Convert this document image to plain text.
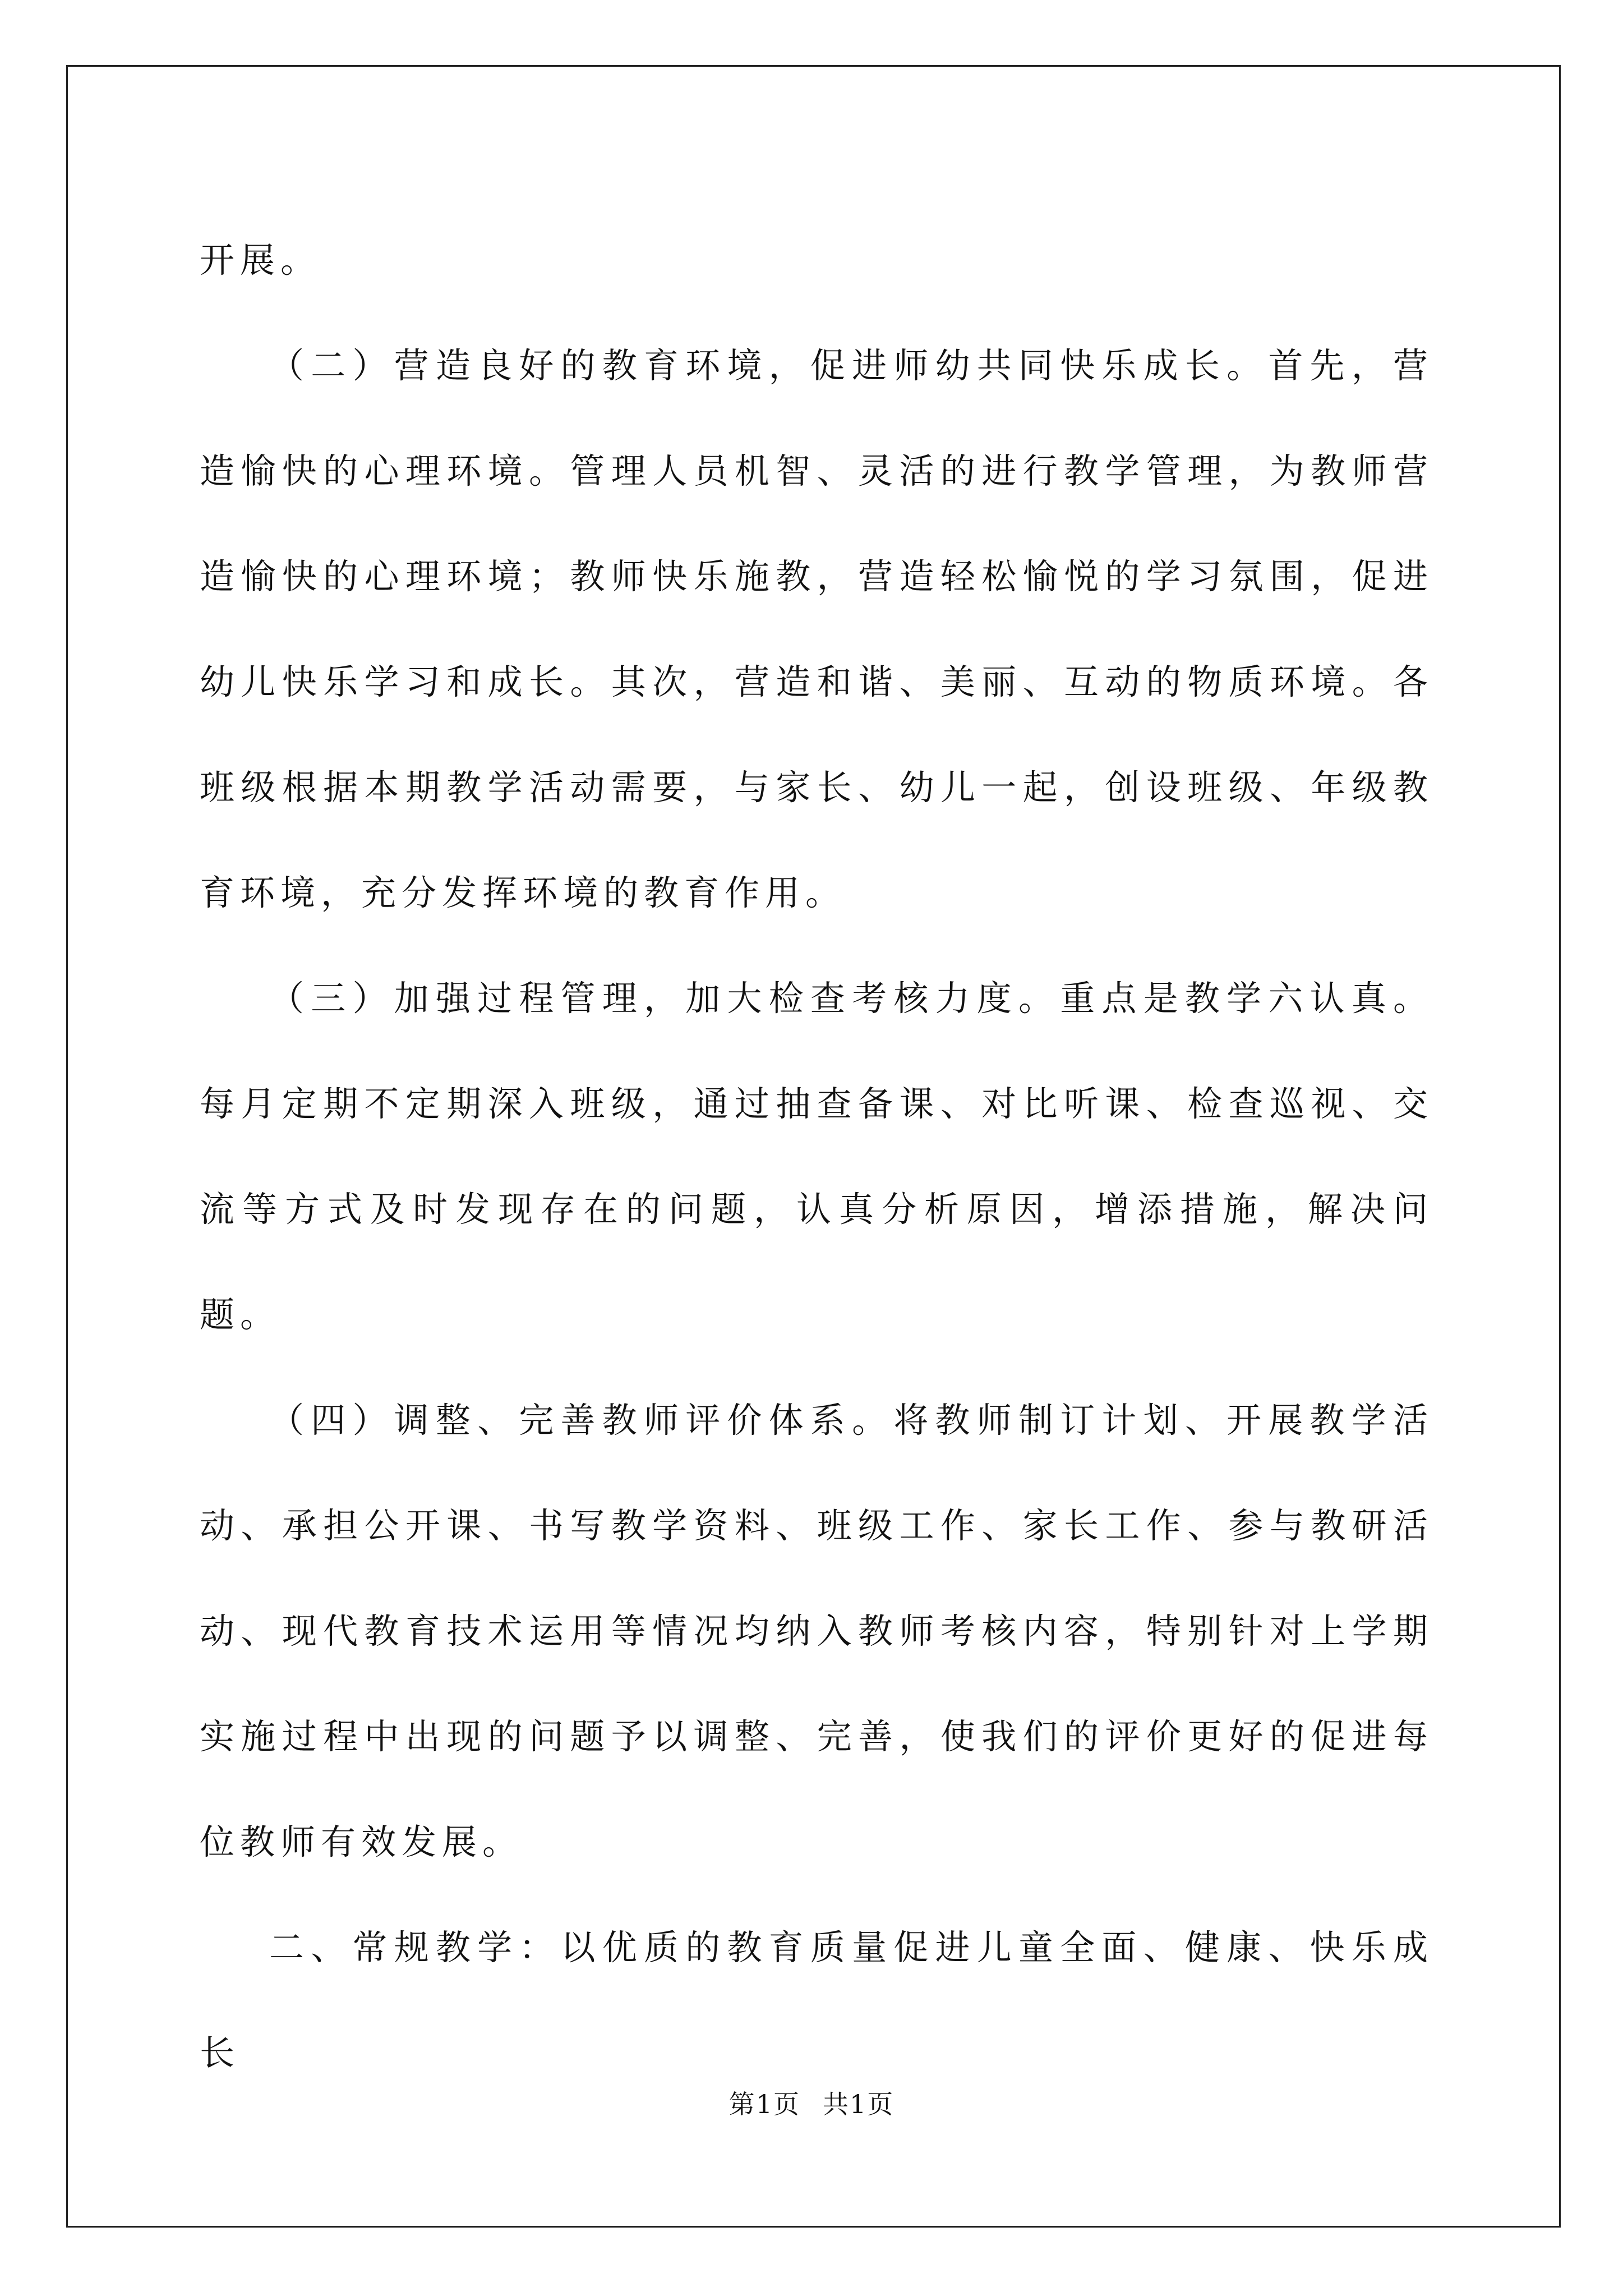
开展。

（二）营造良好的教育环境，促进师幼共同快乐成长。首先，营造愉快的心理环境。管理人员机智、灵活的进行教学管理，为教师营造愉快的心理环境；教师快乐施教，营造轻松愉悦的学习氛围，促进幼儿快乐学习和成长。其次，营造和谐、美丽、互动的物质环境。各班级根据本期教学活动需要，与家长、幼儿一起，创设班级、年级教育环境，充分发挥环境的教育作用。

（三）加强过程管理，加大检查考核力度。重点是教学六认真。每月定期不定期深入班级，通过抽查备课、对比听课、检查巡视、交流等方式及时发现存在的问题，认真分析原因，增添措施，解决问题。

（四）调整、完善教师评价体系。将教师制订计划、开展教学活动、承担公开课、书写教学资料、班级工作、家长工作、参与教研活动、现代教育技术运用等情况均纳入教师考核内容，特别针对上学期实施过程中出现的问题予以调整、完善，使我们的评价更好的促进每位教师有效发展。

二、常规教学：以优质的教育质量促进儿童全面、健康、快乐成长

第1页 共1页
